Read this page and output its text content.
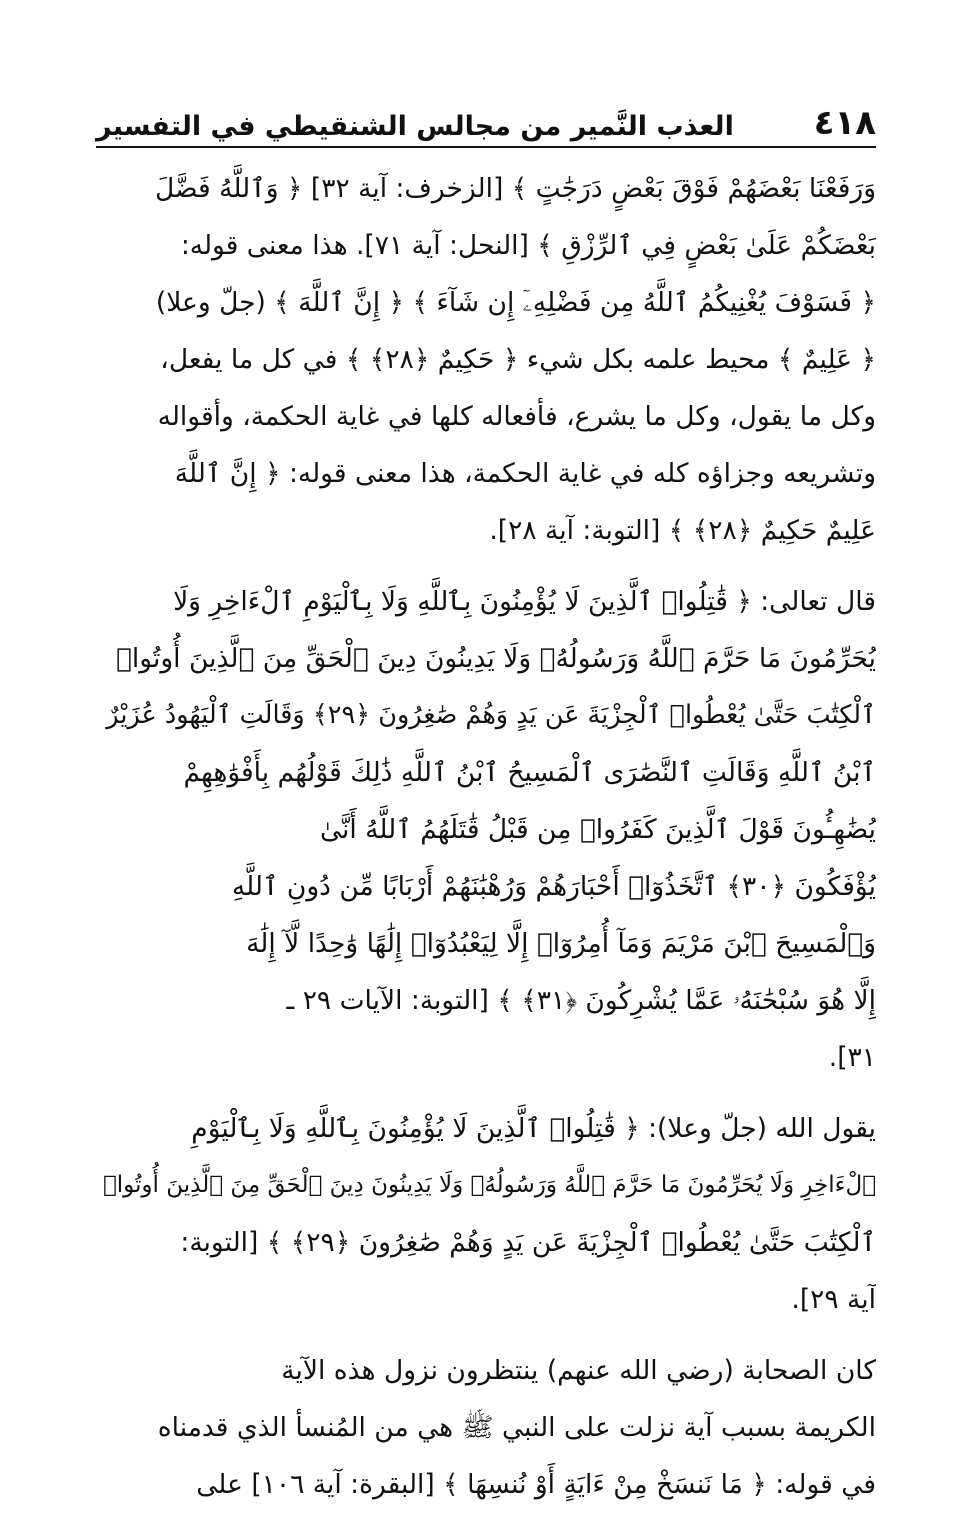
٤١٨
العذب النَّمير من مجالس الشنقيطي في التفسير
وَرَفَعْنَا بَعْضَهُمْ فَوْقَ بَعْضٍ دَرَجَٰتٍ ﴾ [الزخرف: آية ٣٢] ﴿ وَٱللَّهُ فَضَّلَ
بَعْضَكُمْ عَلَىٰ بَعْضٍ فِي ٱلرِّزْقِ ﴾ [النحل: آية ٧١]. هذا معنى قوله:
﴿ فَسَوْفَ يُغْنِيكُمُ ٱللَّهُ مِن فَضْلِهِۦٓ إِن شَآءَ ﴾ ﴿ إِنَّ ٱللَّهَ ﴾ (جلّ وعلا)
﴿ عَلِيمٌ ﴾ محيط علمه بكل شيء ﴿ حَكِيمٌ ﴿٢٨﴾ ﴾ في كل ما يفعل،
وكل ما يقول، وكل ما يشرع، فأفعاله كلها في غاية الحكمة، وأقواله
وتشريعه وجزاؤه كله في غاية الحكمة، هذا معنى قوله: ﴿ إِنَّ ٱللَّهَ
عَلِيمٌ حَكِيمٌ ﴿٢٨﴾ ﴾ [التوبة: آية ٢٨].
قال تعالى: ﴿ قَٰتِلُوا۟ ٱلَّذِينَ لَا يُؤْمِنُونَ بِٱللَّهِ وَلَا بِٱلْيَوْمِ ٱلْءَاخِرِ وَلَا
يُحَرِّمُونَ مَا حَرَّمَ ٱللَّهُ وَرَسُولُهُۥ وَلَا يَدِينُونَ دِينَ ٱلْحَقِّ مِنَ ٱلَّذِينَ أُوتُوا۟
ٱلْكِتَٰبَ حَتَّىٰ يُعْطُوا۟ ٱلْجِزْيَةَ عَن يَدٍ وَهُمْ صَٰغِرُونَ ﴿٢٩﴾ وَقَالَتِ ٱلْيَهُودُ عُزَيْرٌ
ٱبْنُ ٱللَّهِ وَقَالَتِ ٱلنَّصَٰرَى ٱلْمَسِيحُ ٱبْنُ ٱللَّهِ ذَٰلِكَ قَوْلُهُم بِأَفْوَٰهِهِمْ
يُضَٰهِـُٔونَ قَوْلَ ٱلَّذِينَ كَفَرُوا۟ مِن قَبْلُ قَٰتَلَهُمُ ٱللَّهُ أَنَّىٰ
يُؤْفَكُونَ ﴿٣٠﴾ ٱتَّخَذُوٓا۟ أَحْبَارَهُمْ وَرُهْبَٰنَهُمْ أَرْبَابًا مِّن دُونِ ٱللَّهِ
وَٱلْمَسِيحَ ٱبْنَ مَرْيَمَ وَمَآ أُمِرُوٓا۟ إِلَّا لِيَعْبُدُوٓا۟ إِلَٰهًا وَٰحِدًا لَّآ إِلَٰهَ
إِلَّا هُوَ سُبْحَٰنَهُۥ عَمَّا يُشْرِكُونَ ﴿٣١﴾ ﴾ [التوبة: الآيات ٢٩ ـ
٣١].
يقول الله (جلّ وعلا): ﴿ قَٰتِلُوا۟ ٱلَّذِينَ لَا يُؤْمِنُونَ بِٱللَّهِ وَلَا بِٱلْيَوْمِ
ٱلْءَاخِرِ وَلَا يُحَرِّمُونَ مَا حَرَّمَ ٱللَّهُ وَرَسُولُهُۥ وَلَا يَدِينُونَ دِينَ ٱلْحَقِّ مِنَ ٱلَّذِينَ أُوتُوا۟
ٱلْكِتَٰبَ حَتَّىٰ يُعْطُوا۟ ٱلْجِزْيَةَ عَن يَدٍ وَهُمْ صَٰغِرُونَ ﴿٢٩﴾ ﴾ [التوبة:
آية ٢٩].
كان الصحابة (رضي الله عنهم) ينتظرون نزول هذه الآية
الكريمة بسبب آية نزلت على النبي ﷺ هي من المُنسأ الذي قدمناه
في قوله: ﴿ مَا نَنسَخْ مِنْ ءَايَةٍ أَوْ نُنسِهَا ﴾ [البقرة: آية ١٠٦] على
